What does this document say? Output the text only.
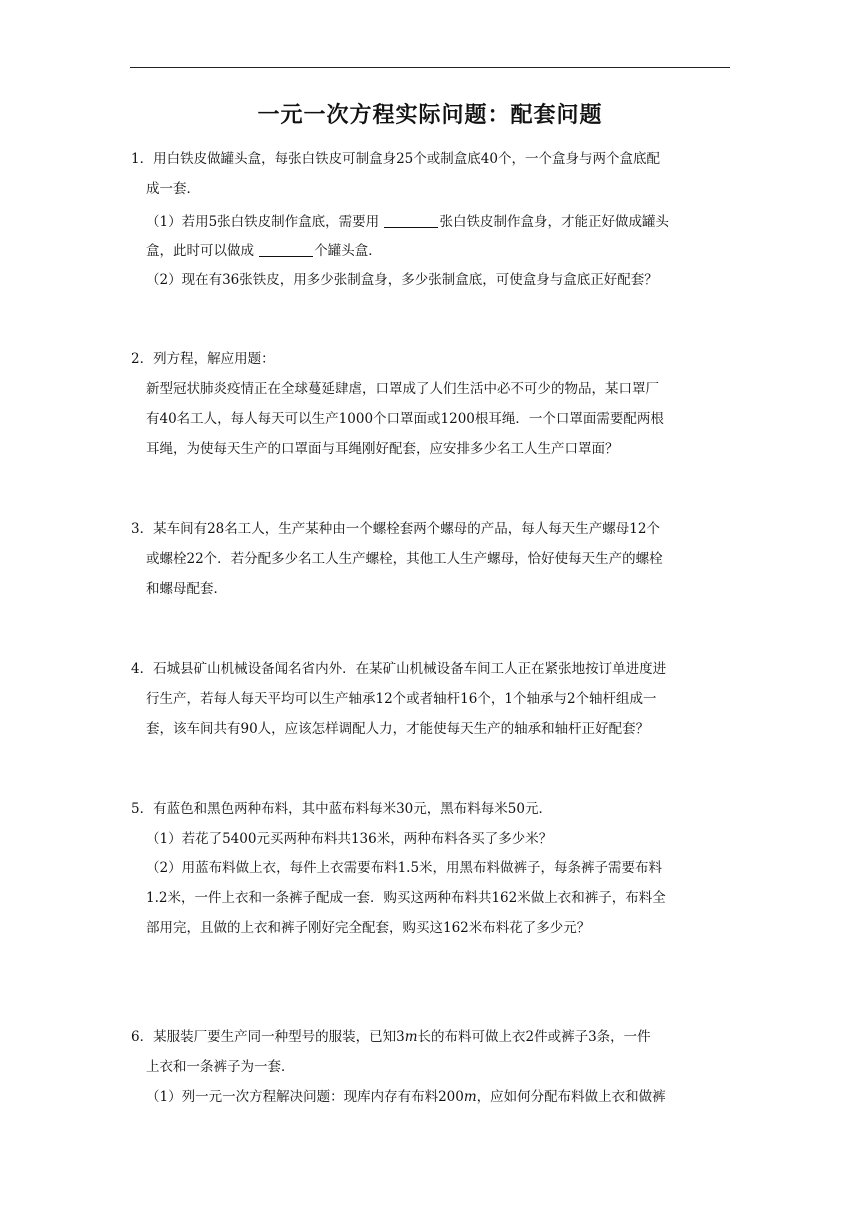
一元一次方程实际问题：配套问题
1．用白铁皮做罐头盒，每张白铁皮可制盒身25个或制盒底40个，一个盒身与两个盒底配
成一套．
（1）若用5张白铁皮制作盒底，需要用	张白铁皮制作盒身，才能正好做成罐头
盒，此时可以做成	个罐头盒．
（2）现在有36张铁皮，用多少张制盒身，多少张制盒底，可使盒身与盒底正好配套？
2．列方程，解应用题：
新型冠状肺炎疫情正在全球蔓延肆虐，口罩成了人们生活中必不可少的物品，某口罩厂
有40名工人，每人每天可以生产1000个口罩面或1200根耳绳．一个口罩面需要配两根
耳绳，为使每天生产的口罩面与耳绳刚好配套，应安排多少名工人生产口罩面？
3．某车间有28名工人，生产某种由一个螺栓套两个螺母的产品，每人每天生产螺母12个
或螺栓22个．若分配多少名工人生产螺栓，其他工人生产螺母，恰好使每天生产的螺栓
和螺母配套．
4．石城县矿山机械设备闻名省内外．在某矿山机械设备车间工人正在紧张地按订单进度进
行生产，若每人每天平均可以生产轴承12个或者轴杆16个，1个轴承与2个轴杆组成一
套，该车间共有90人，应该怎样调配人力，才能使每天生产的轴承和轴杆正好配套？
5．有蓝色和黑色两种布料，其中蓝布料每米30元，黑布料每米50元．
（1）若花了5400元买两种布料共136米，两种布料各买了多少米？
（2）用蓝布料做上衣，每件上衣需要布料1.5米，用黑布料做裤子，每条裤子需要布料
1.2米，一件上衣和一条裤子配成一套．购买这两种布料共162米做上衣和裤子，布料全
部用完，且做的上衣和裤子刚好完全配套，购买这162米布料花了多少元？
6．某服装厂要生产同一种型号的服装，已知3m长的布料可做上衣2件或裤子3条，一件
上衣和一条裤子为一套．
（1）列一元一次方程解决问题：现库内存有布料200m，应如何分配布料做上衣和做裤
